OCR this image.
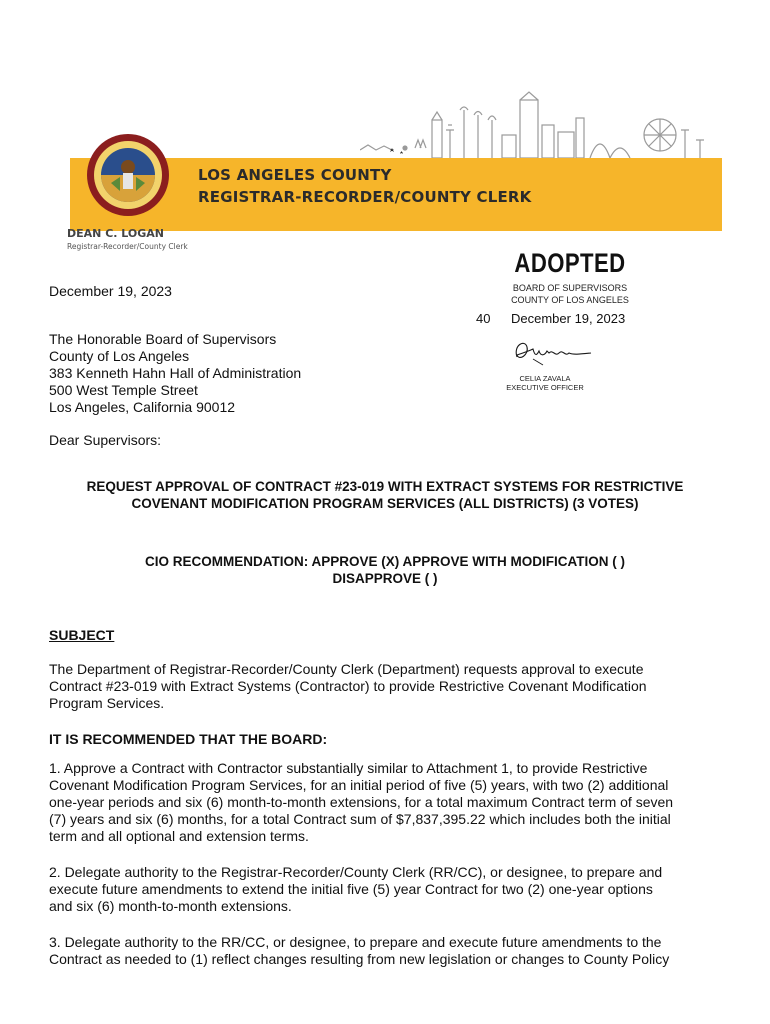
LOS ANGELES COUNTY
REGISTRAR-RECORDER/COUNTY CLERK
DEAN C. LOGAN
Registrar-Recorder/County Clerk
ADOPTED
BOARD OF SUPERVISORS
COUNTY OF LOS ANGELES
40 December 19, 2023
CELIA ZAVALA
EXECUTIVE OFFICER
December 19, 2023
The Honorable Board of Supervisors
County of Los Angeles
383 Kenneth Hahn Hall of Administration
500 West Temple Street
Los Angeles, California 90012
Dear Supervisors:
REQUEST APPROVAL OF CONTRACT #23-019 WITH EXTRACT SYSTEMS FOR RESTRICTIVE
COVENANT MODIFICATION PROGRAM SERVICES (ALL DISTRICTS) (3 VOTES)
CIO RECOMMENDATION: APPROVE (X) APPROVE WITH MODIFICATION ( )
DISAPPROVE ( )
SUBJECT
The Department of Registrar-Recorder/County Clerk (Department) requests approval to execute
Contract #23-019 with Extract Systems (Contractor) to provide Restrictive Covenant Modification
Program Services.
IT IS RECOMMENDED THAT THE BOARD:
1. Approve a Contract with Contractor substantially similar to Attachment 1, to provide Restrictive
Covenant Modification Program Services, for an initial period of five (5) years, with two (2) additional
one-year periods and six (6) month-to-month extensions, for a total maximum Contract term of seven
(7) years and six (6) months, for a total Contract sum of $7,837,395.22 which includes both the initial
term and all optional and extension terms.
2. Delegate authority to the Registrar-Recorder/County Clerk (RR/CC), or designee, to prepare and
execute future amendments to extend the initial five (5) year Contract for two (2) one-year options
and six (6) month-to-month extensions.
3. Delegate authority to the RR/CC, or designee, to prepare and execute future amendments to the
Contract as needed to (1) reflect changes resulting from new legislation or changes to County Policy
